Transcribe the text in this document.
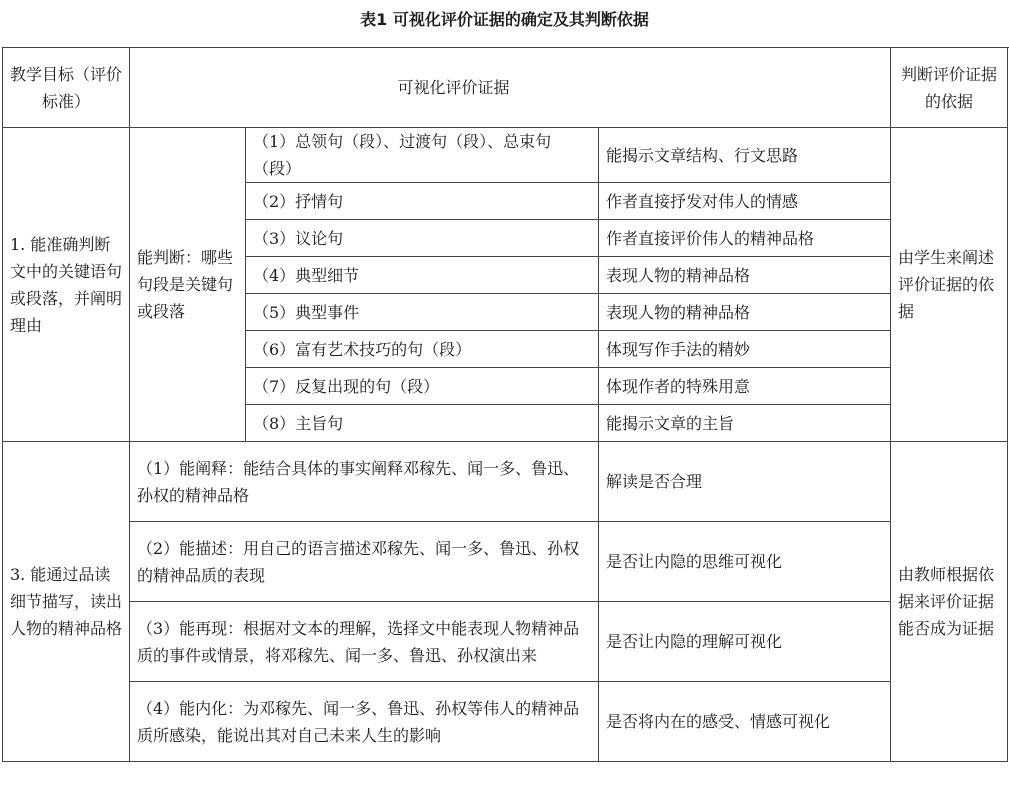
表1 可视化评价证据的确定及其判断依据
教学目标（评价标准）	可视化评价证据			判断评价证据的依据
1. 能准确判断文中的关键语句或段落，并阐明理由	能判断：哪些句段是关键句或段落	（1）总领句（段）、过渡句（段）、总束句（段）	能揭示文章结构、行文思路	由学生来阐述评价证据的依据
		（2）抒情句	作者直接抒发对伟人的情感	
		（3）议论句	作者直接评价伟人的精神品格	
		（4）典型细节	表现人物的精神品格	
		（5）典型事件	表现人物的精神品格	
		（6）富有艺术技巧的句（段）	体现写作手法的精妙	
		（7）反复出现的句（段）	体现作者的特殊用意	
		（8）主旨句	能揭示文章的主旨	
3. 能通过品读细节描写，读出人物的精神品格	（1）能阐释：能结合具体的事实阐释邓稼先、闻一多、鲁迅、孙权的精神品格		解读是否合理	由教师根据依据来评价证据能否成为证据
	（2）能描述：用自己的语言描述邓稼先、闻一多、鲁迅、孙权的精神品质的表现		是否让内隐的思维可视化	
	（3）能再现：根据对文本的理解，选择文中能表现人物精神品质的事件或情景，将邓稼先、闻一多、鲁迅、孙权演出来		是否让内隐的理解可视化	
	（4）能内化：为邓稼先、闻一多、鲁迅、孙权等伟人的精神品质所感染，能说出其对自己未来人生的影响		是否将内在的感受、情感可视化	
